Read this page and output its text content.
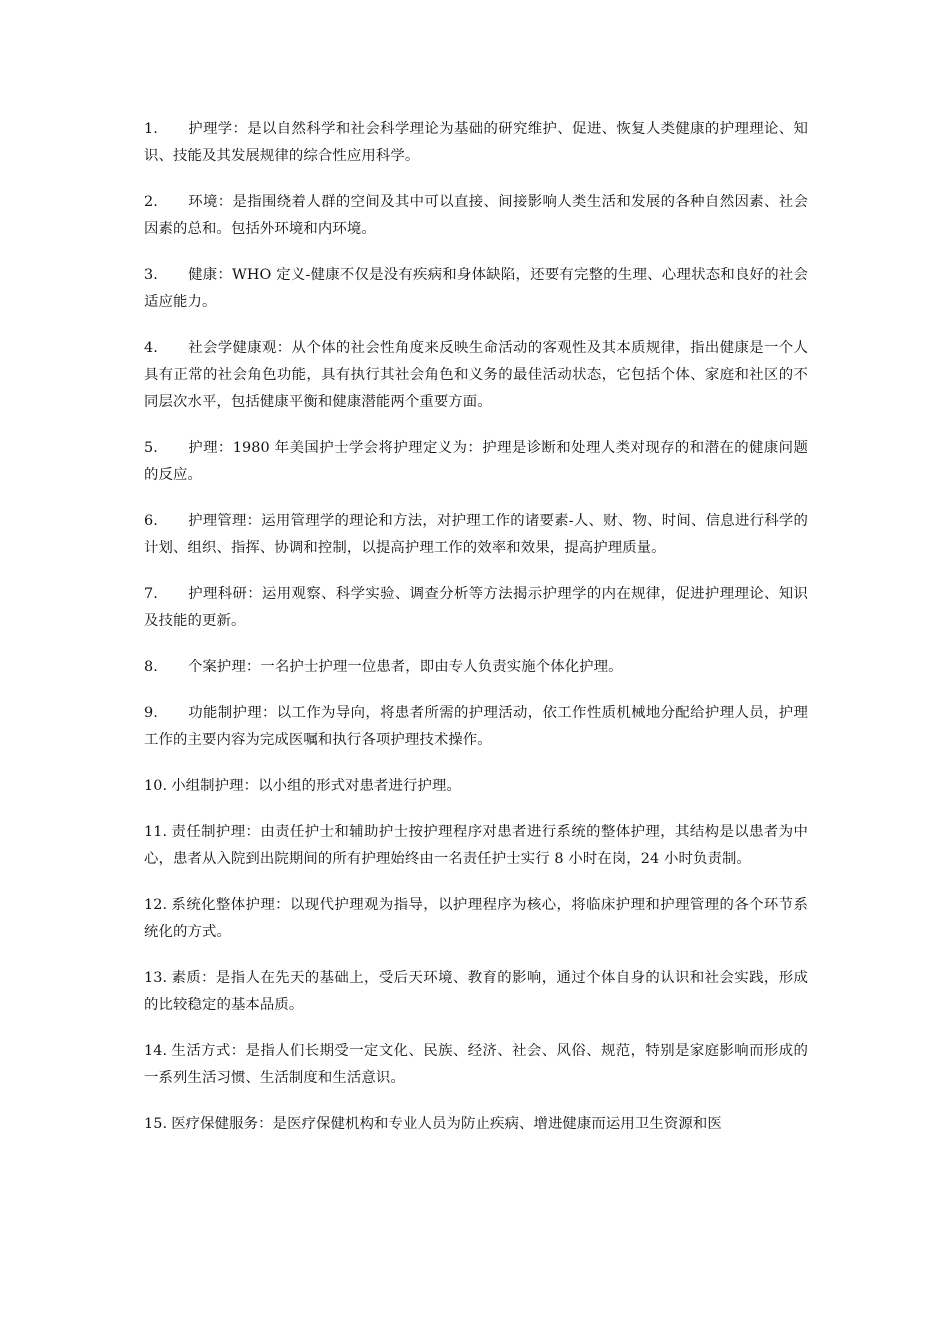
1. 护理学：是以自然科学和社会科学理论为基础的研究维护、促进、恢复人类健康的护理理论、知识、技能及其发展规律的综合性应用科学。

2. 环境：是指围绕着人群的空间及其中可以直接、间接影响人类生活和发展的各种自然因素、社会因素的总和。包括外环境和内环境。

3. 健康：WHO 定义-健康不仅是没有疾病和身体缺陷，还要有完整的生理、心理状态和良好的社会适应能力。

4. 社会学健康观：从个体的社会性角度来反映生命活动的客观性及其本质规律，指出健康是一个人具有正常的社会角色功能，具有执行其社会角色和义务的最佳活动状态，它包括个体、家庭和社区的不同层次水平，包括健康平衡和健康潜能两个重要方面。

5. 护理：1980 年美国护士学会将护理定义为：护理是诊断和处理人类对现存的和潜在的健康问题的反应。

6. 护理管理：运用管理学的理论和方法，对护理工作的诸要素-人、财、物、时间、信息进行科学的计划、组织、指挥、协调和控制，以提高护理工作的效率和效果，提高护理质量。

7. 护理科研：运用观察、科学实验、调查分析等方法揭示护理学的内在规律，促进护理理论、知识及技能的更新。

8. 个案护理：一名护士护理一位患者，即由专人负责实施个体化护理。

9. 功能制护理：以工作为导向，将患者所需的护理活动，依工作性质机械地分配给护理人员，护理工作的主要内容为完成医嘱和执行各项护理技术操作。

10. 小组制护理：以小组的形式对患者进行护理。

11. 责任制护理：由责任护士和辅助护士按护理程序对患者进行系统的整体护理，其结构是以患者为中心，患者从入院到出院期间的所有护理始终由一名责任护士实行 8 小时在岗，24 小时负责制。

12. 系统化整体护理：以现代护理观为指导，以护理程序为核心，将临床护理和护理管理的各个环节系统化的方式。

13. 素质：是指人在先天的基础上，受后天环境、教育的影响，通过个体自身的认识和社会实践，形成的比较稳定的基本品质。

14. 生活方式：是指人们长期受一定文化、民族、经济、社会、风俗、规范，特别是家庭影响而形成的一系列生活习惯、生活制度和生活意识。

15. 医疗保健服务：是医疗保健机构和专业人员为防止疾病、增进健康而运用卫生资源和医
